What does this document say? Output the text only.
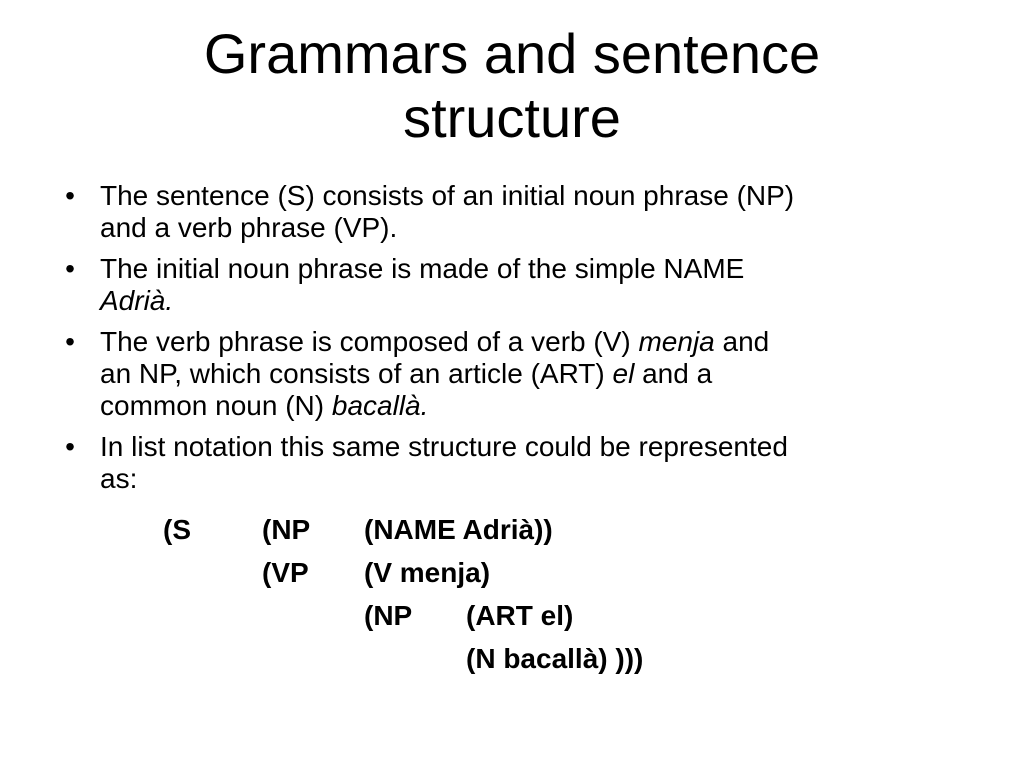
Grammars and sentence
structure
• The sentence (S) consists of an initial noun phrase (NP)
and a verb phrase (VP).
• The initial noun phrase is made of the simple NAME
Adrià.
• The verb phrase is composed of a verb (V) menja and
an NP, which consists of an article (ART) el and a
common noun (N) bacallà.
• In list notation this same structure could be represented
as:
(S	(NP (NAME Adrià))
(VP (V menja)
(NP (ART el)
(N bacallà) )))
